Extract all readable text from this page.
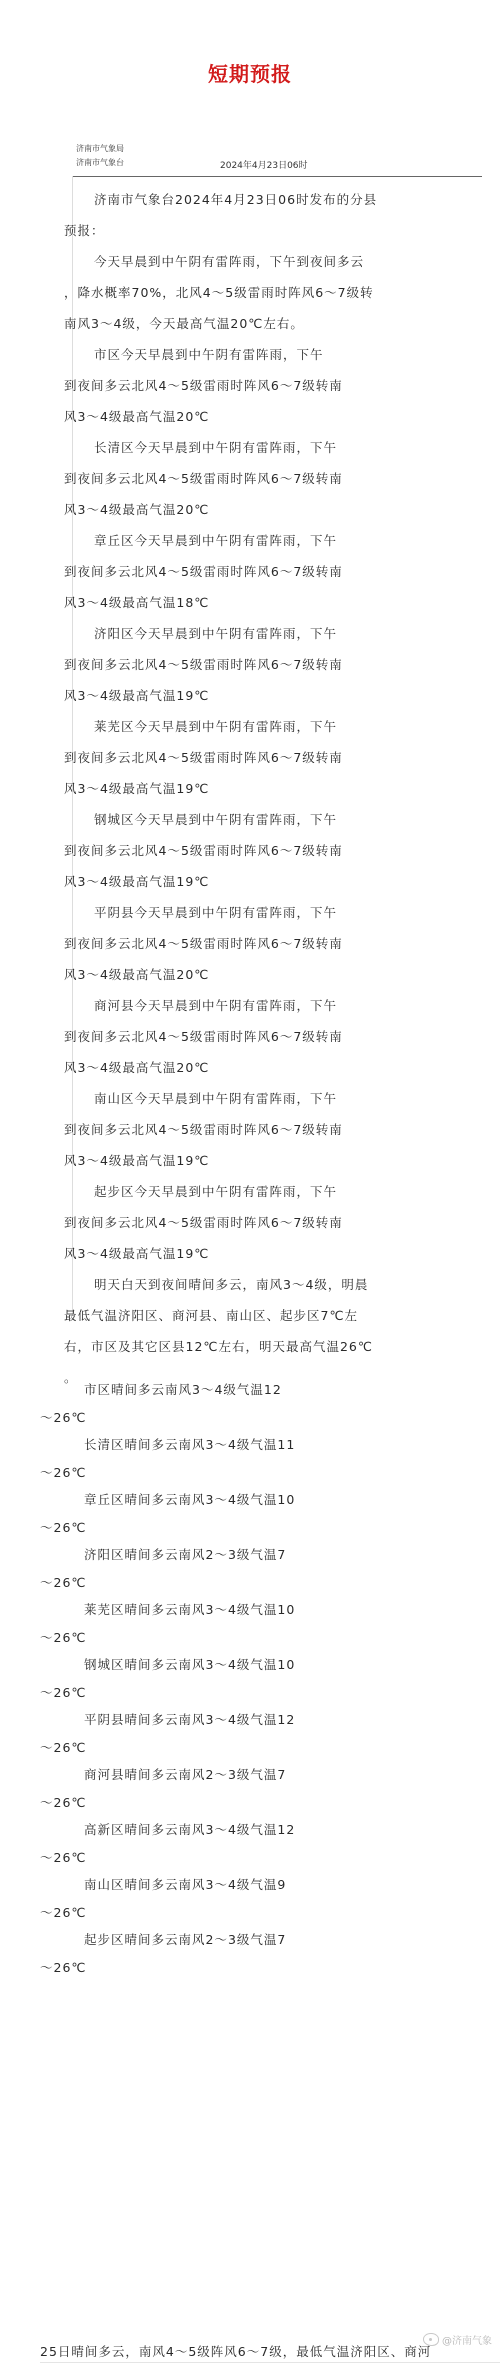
短期预报
济南市气象局
济南市气象台	2024年4月23日06时
济南市气象台2024年4月23日06时发布的分县
预报：
今天早晨到中午阴有雷阵雨，下午到夜间多云
，降水概率70%，北风4～5级雷雨时阵风6～7级转
南风3～4级，今天最高气温20℃左右。
市区今天早晨到中午阴有雷阵雨，下午
到夜间多云北风4～5级雷雨时阵风6～7级转南
风3～4级最高气温20℃
长清区今天早晨到中午阴有雷阵雨，下午
到夜间多云北风4～5级雷雨时阵风6～7级转南
风3～4级最高气温20℃
章丘区今天早晨到中午阴有雷阵雨，下午
到夜间多云北风4～5级雷雨时阵风6～7级转南
风3～4级最高气温18℃
济阳区今天早晨到中午阴有雷阵雨，下午
到夜间多云北风4～5级雷雨时阵风6～7级转南
风3～4级最高气温19℃
莱芜区今天早晨到中午阴有雷阵雨，下午
到夜间多云北风4～5级雷雨时阵风6～7级转南
风3～4级最高气温19℃
钢城区今天早晨到中午阴有雷阵雨，下午
到夜间多云北风4～5级雷雨时阵风6～7级转南
风3～4级最高气温19℃
平阴县今天早晨到中午阴有雷阵雨，下午
到夜间多云北风4～5级雷雨时阵风6～7级转南
风3～4级最高气温20℃
商河县今天早晨到中午阴有雷阵雨，下午
到夜间多云北风4～5级雷雨时阵风6～7级转南
风3～4级最高气温20℃
南山区今天早晨到中午阴有雷阵雨，下午
到夜间多云北风4～5级雷雨时阵风6～7级转南
风3～4级最高气温19℃
起步区今天早晨到中午阴有雷阵雨，下午
到夜间多云北风4～5级雷雨时阵风6～7级转南
风3～4级最高气温19℃
明天白天到夜间晴间多云，南风3～4级，明晨
最低气温济阳区、商河县、南山区、起步区7℃左
右，市区及其它区县12℃左右，明天最高气温26℃
。
市区晴间多云南风3～4级气温12
～26℃
长清区晴间多云南风3～4级气温11
～26℃
章丘区晴间多云南风3～4级气温10
～26℃
济阳区晴间多云南风2～3级气温7
～26℃
莱芜区晴间多云南风3～4级气温10
～26℃
钢城区晴间多云南风3～4级气温10
～26℃
平阴县晴间多云南风3～4级气温12
～26℃
商河县晴间多云南风2～3级气温7
～26℃
高新区晴间多云南风3～4级气温12
～26℃
南山区晴间多云南风3～4级气温9
～26℃
起步区晴间多云南风2～3级气温7
～26℃
25日晴间多云，南风4～5级阵风6～7级，最低气温济阳区、商河
@济南气象
